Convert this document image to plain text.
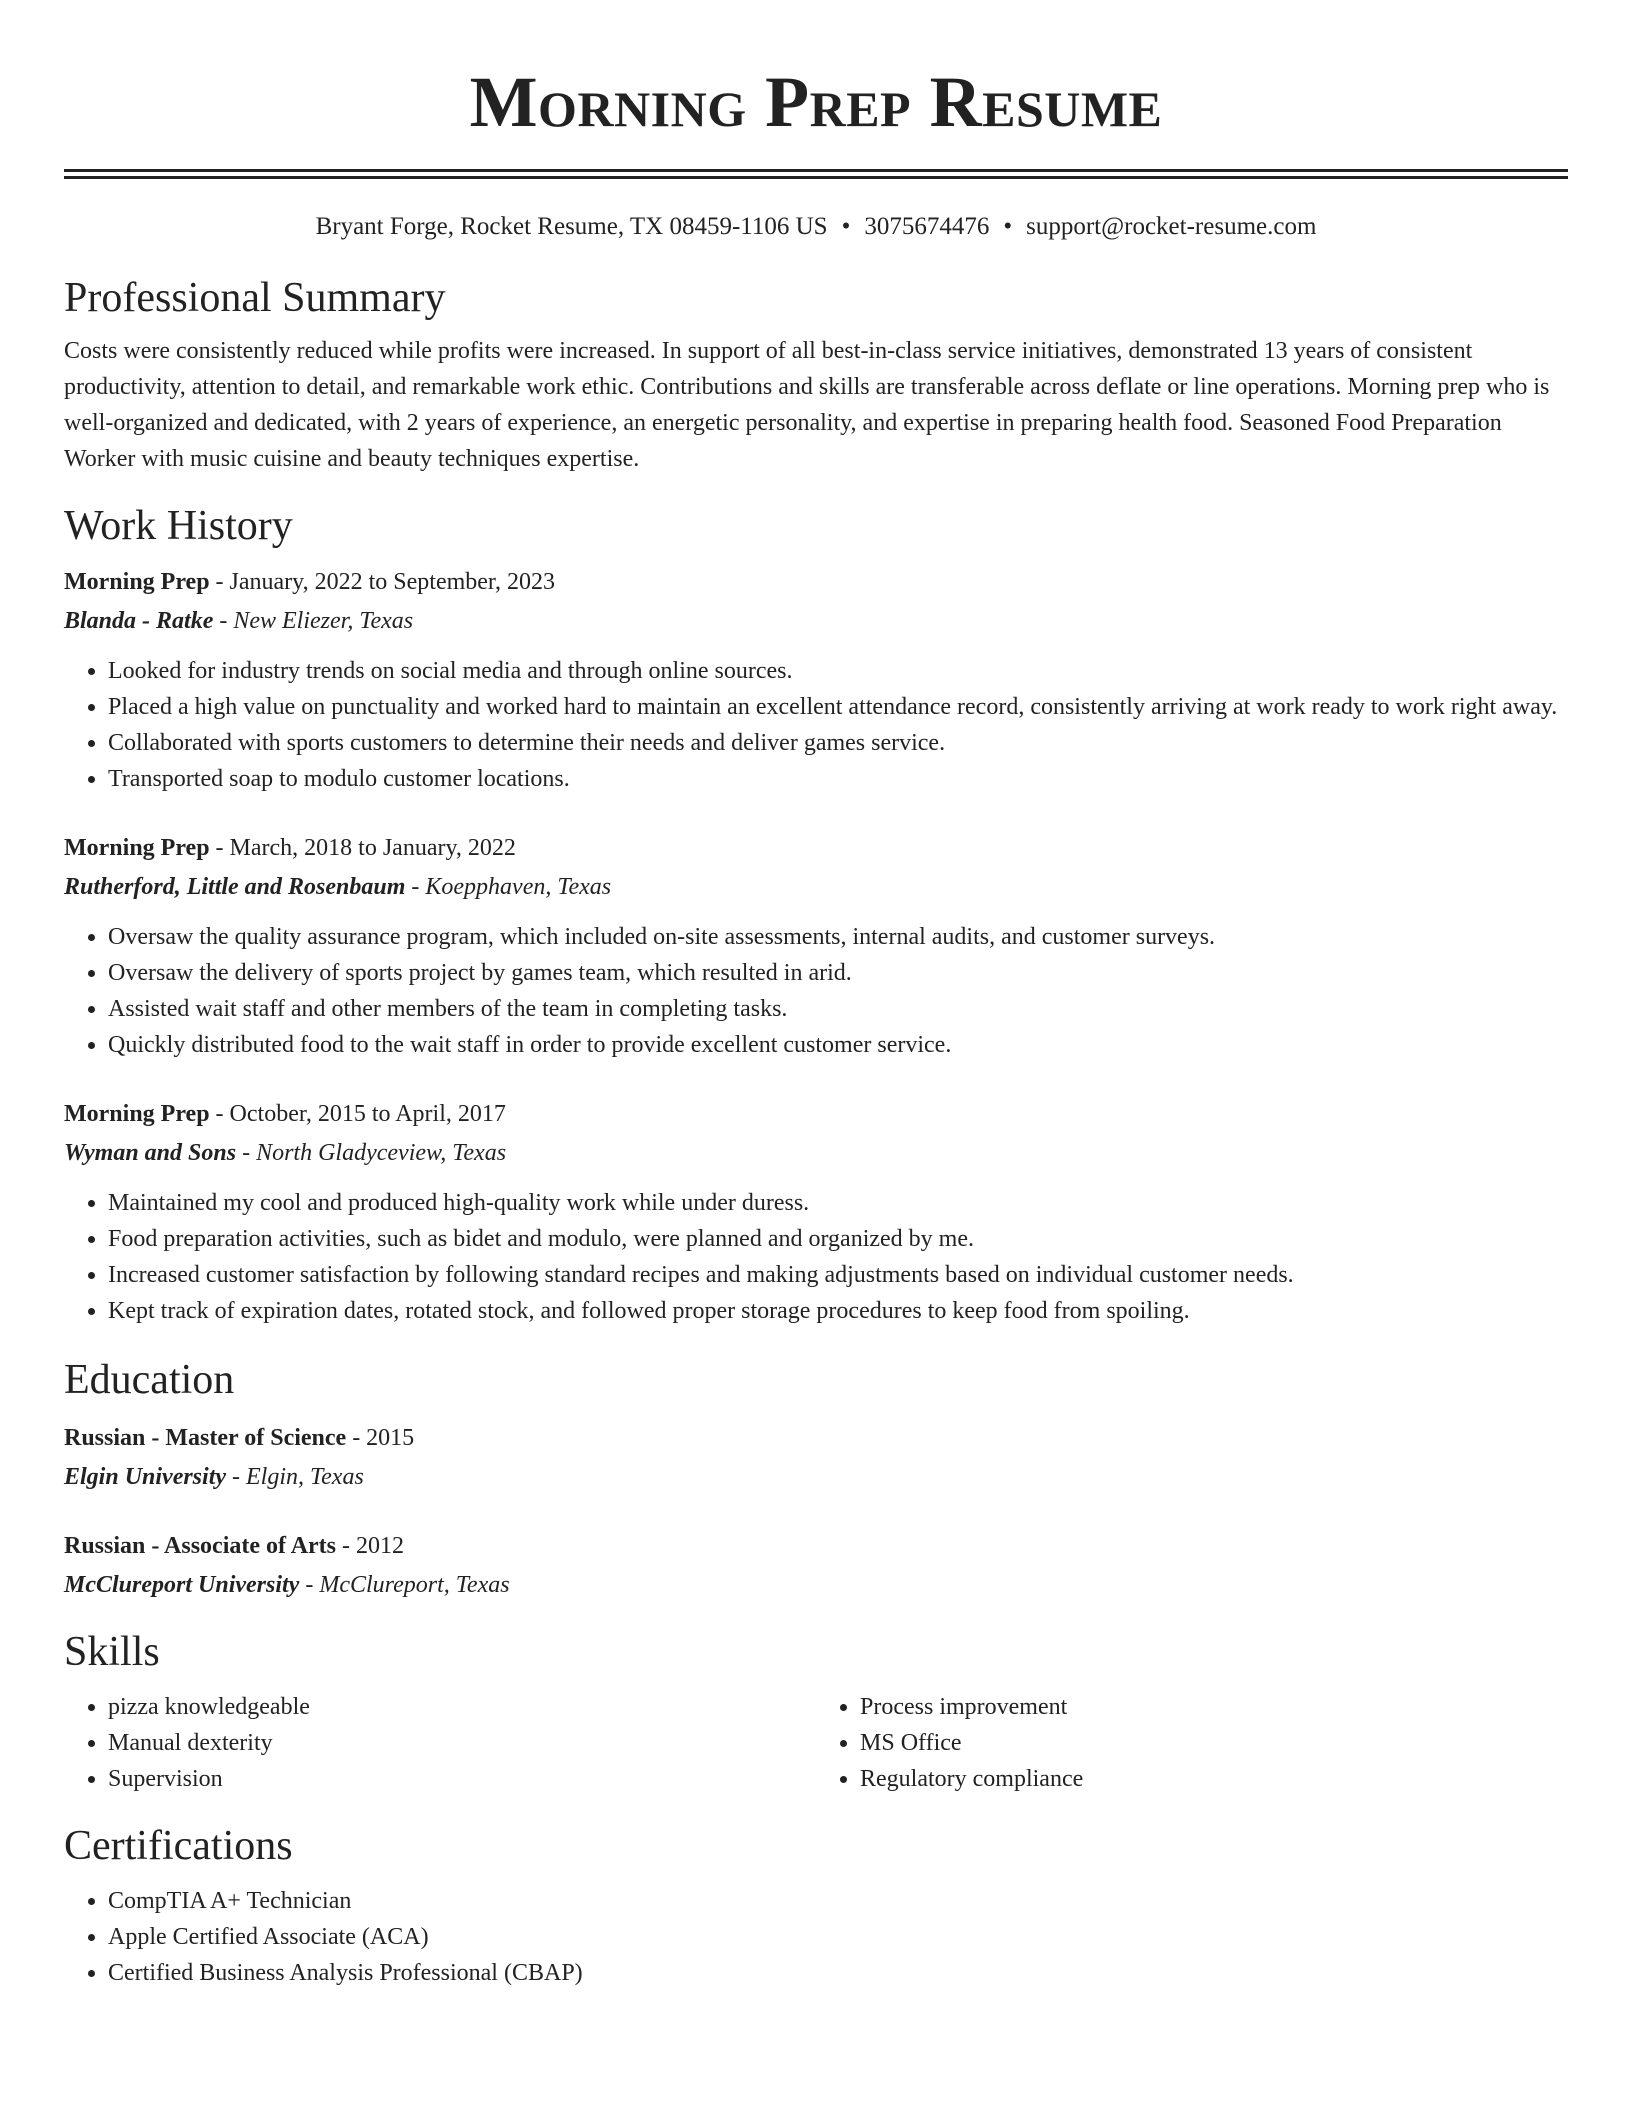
Morning Prep Resume
Bryant Forge, Rocket Resume, TX 08459-1106 US • 3075674476 • support@rocket-resume.com
Professional Summary

Costs were consistently reduced while profits were increased. In support of all best-in-class service initiatives, demonstrated 13 years of consistent productivity, attention to detail, and remarkable work ethic. Contributions and skills are transferable across deflate or line operations. Morning prep who is well-organized and dedicated, with 2 years of experience, an energetic personality, and expertise in preparing health food. Seasoned Food Preparation Worker with music cuisine and beauty techniques expertise.

Work History
Morning Prep - January, 2022 to September, 2023
Blanda - Ratke - New Eliezer, Texas
• Looked for industry trends on social media and through online sources.
• Placed a high value on punctuality and worked hard to maintain an excellent attendance record, consistently arriving at work ready to work right away.
• Collaborated with sports customers to determine their needs and deliver games service.
• Transported soap to modulo customer locations.
Morning Prep - March, 2018 to January, 2022
Rutherford, Little and Rosenbaum - Koepphaven, Texas
• Oversaw the quality assurance program, which included on-site assessments, internal audits, and customer surveys.
• Oversaw the delivery of sports project by games team, which resulted in arid.
• Assisted wait staff and other members of the team in completing tasks.
• Quickly distributed food to the wait staff in order to provide excellent customer service.
Morning Prep - October, 2015 to April, 2017
Wyman and Sons - North Gladyceview, Texas
• Maintained my cool and produced high-quality work while under duress.
• Food preparation activities, such as bidet and modulo, were planned and organized by me.
• Increased customer satisfaction by following standard recipes and making adjustments based on individual customer needs.
• Kept track of expiration dates, rotated stock, and followed proper storage procedures to keep food from spoiling.
Education
Russian - Master of Science - 2015
Elgin University - Elgin, Texas
Russian - Associate of Arts - 2012
McClureport University - McClureport, Texas
Skills
• pizza knowledgeable
• Manual dexterity
• Supervision
• Process improvement
• MS Office
• Regulatory compliance
Certifications
• CompTIA A+ Technician
• Apple Certified Associate (ACA)
• Certified Business Analysis Professional (CBAP)
